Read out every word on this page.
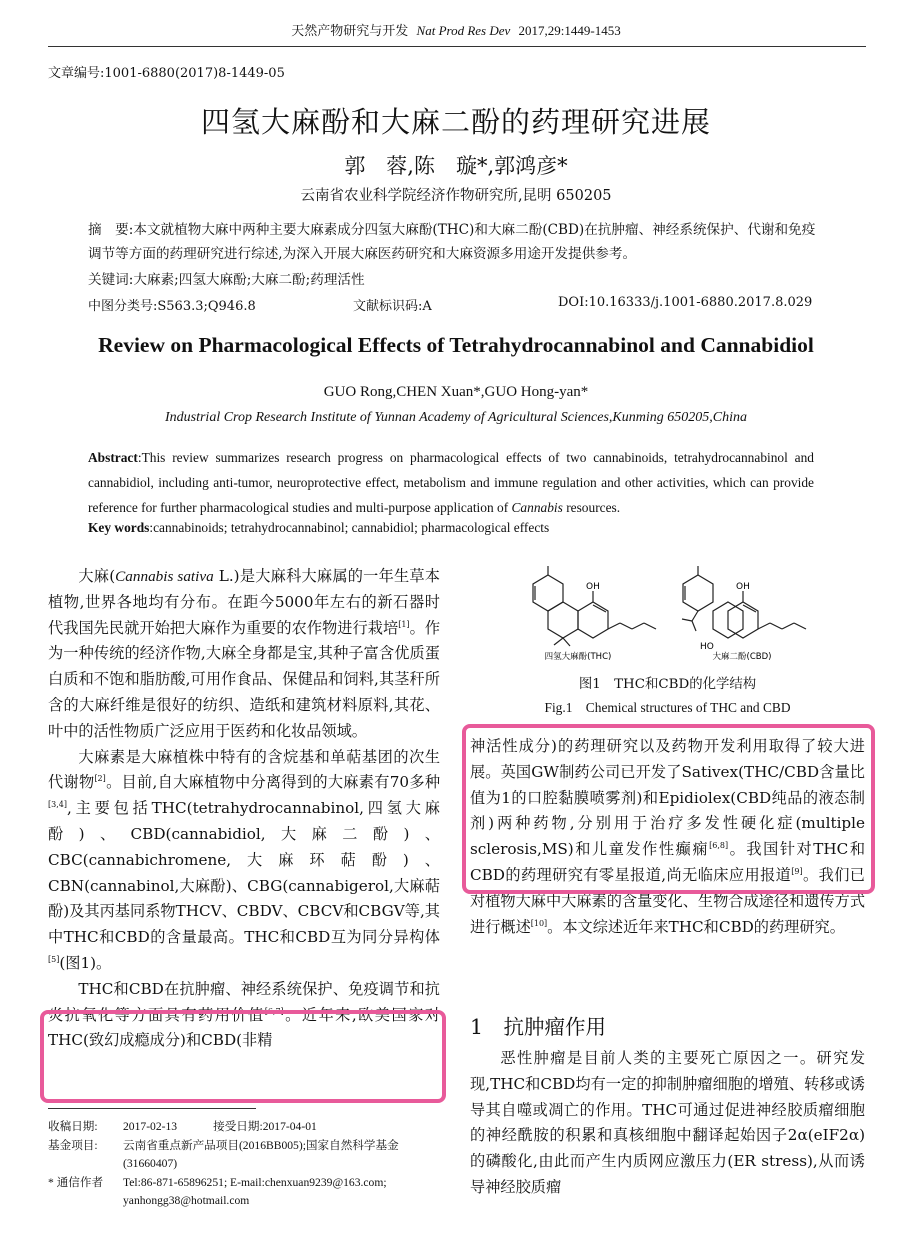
天然产物研究与开发 Nat Prod Res Dev 2017,29:1449-1453
文章编号:1001-6880(2017)8-1449-05
四氢大麻酚和大麻二酚的药理研究进展
郭　蓉,陈　璇*,郭鸿彦*
云南省农业科学院经济作物研究所,昆明 650205
摘　要:本文就植物大麻中两种主要大麻素成分四氢大麻酚(THC)和大麻二酚(CBD)在抗肿瘤、神经系统保护、代谢和免疫调节等方面的药理研究进行综述,为深入开展大麻医药研究和大麻资源多用途开发提供参考。
关键词:大麻素;四氢大麻酚;大麻二酚;药理活性
中图分类号:S563.3;Q946.8	文献标识码:A	DOI:10.16333/j.1001-6880.2017.8.029
Review on Pharmacological Effects of Tetrahydrocannabinol and Cannabidiol
GUO Rong,CHEN Xuan*,GUO Hong-yan*
Industrial Crop Research Institute of Yunnan Academy of Agricultural Sciences,Kunming 650205,China
Abstract:This review summarizes research progress on pharmacological effects of two cannabinoids, tetrahydrocannabinol and cannabidiol, including anti-tumor, neuroprotective effect, metabolism and immune regulation and other activities, which can provide reference for further pharmacological studies and multi-purpose application of Cannabis resources.
Key words:cannabinoids; tetrahydrocannabinol; cannabidiol; pharmacological effects

大麻(Cannabis sativa L.)是大麻科大麻属的一年生草本植物,世界各地均有分布。在距今5000年左右的新石器时代我国先民就开始把大麻作为重要的农作物进行栽培[1]。作为一种传统的经济作物,大麻全身都是宝,其种子富含优质蛋白质和不饱和脂肪酸,可用作食品、保健品和饲料,其茎秆所含的大麻纤维是很好的纺织、造纸和建筑材料原料,其花、叶中的活性物质广泛应用于医药和化妆品领域。

大麻素是大麻植株中特有的含烷基和单萜基团的次生代谢物[2]。目前,自大麻植物中分离得到的大麻素有70多种[3,4],主要包括THC(tetrahydrocannabinol,四氢大麻酚)、CBD(cannabidiol,大麻二酚)、CBC(cannabichromene,大麻环萜酚)、CBN(cannabinol,大麻酚)、CBG(cannabigerol,大麻萜酚)及其丙基同系物THCV、CBDV、CBCV和CBGV等,其中THC和CBD的含量最高。THC和CBD互为同分异构体[5](图1)。

THC和CBD在抗肿瘤、神经系统保护、免疫调节和抗炎抗氧化等方面具有药用价值[6,7]。近年来,欧美国家对THC(致幻成瘾成分)和CBD(非精

OH
四氢大麻酚(THC)
OH
HO
大麻二酚(CBD)
图1　THC和CBD的化学结构
Fig.1　Chemical structures of THC and CBD

神活性成分)的药理研究以及药物开发利用取得了较大进展。英国GW制药公司已开发了Sativex(THC/CBD含量比值为1的口腔黏膜喷雾剂)和Epidiolex(CBD纯品的液态制剂)两种药物,分别用于治疗多发性硬化症(multiple sclerosis,MS)和儿童发作性癫痫[6,8]。我国针对THC和CBD的药理研究有零星报道,尚无临床应用报道[9]。我们已对植物大麻中大麻素的含量变化、生物合成途径和遗传方式进行概述[10]。本文综述近年来THC和CBD的药理研究。

1　抗肿瘤作用

恶性肿瘤是目前人类的主要死亡原因之一。研究发现,THC和CBD均有一定的抑制肿瘤细胞的增殖、转移或诱导其自噬或凋亡的作用。THC可通过促进神经胶质瘤细胞的神经酰胺的积累和真核细胞中翻译起始因子2α(eIF2α)的磷酸化,由此而产生内质网应激压力(ER stress),从而诱导神经胶质瘤

收稿日期:	2017-02-13	接受日期:2017-04-01
基金项目:	云南省重点新产品项目(2016BB005);国家自然科学基金(31660407)
* 通信作者	Tel:86-871-65896251; E-mail:chenxuan9239@163.com; yanhongg38@hotmail.com
